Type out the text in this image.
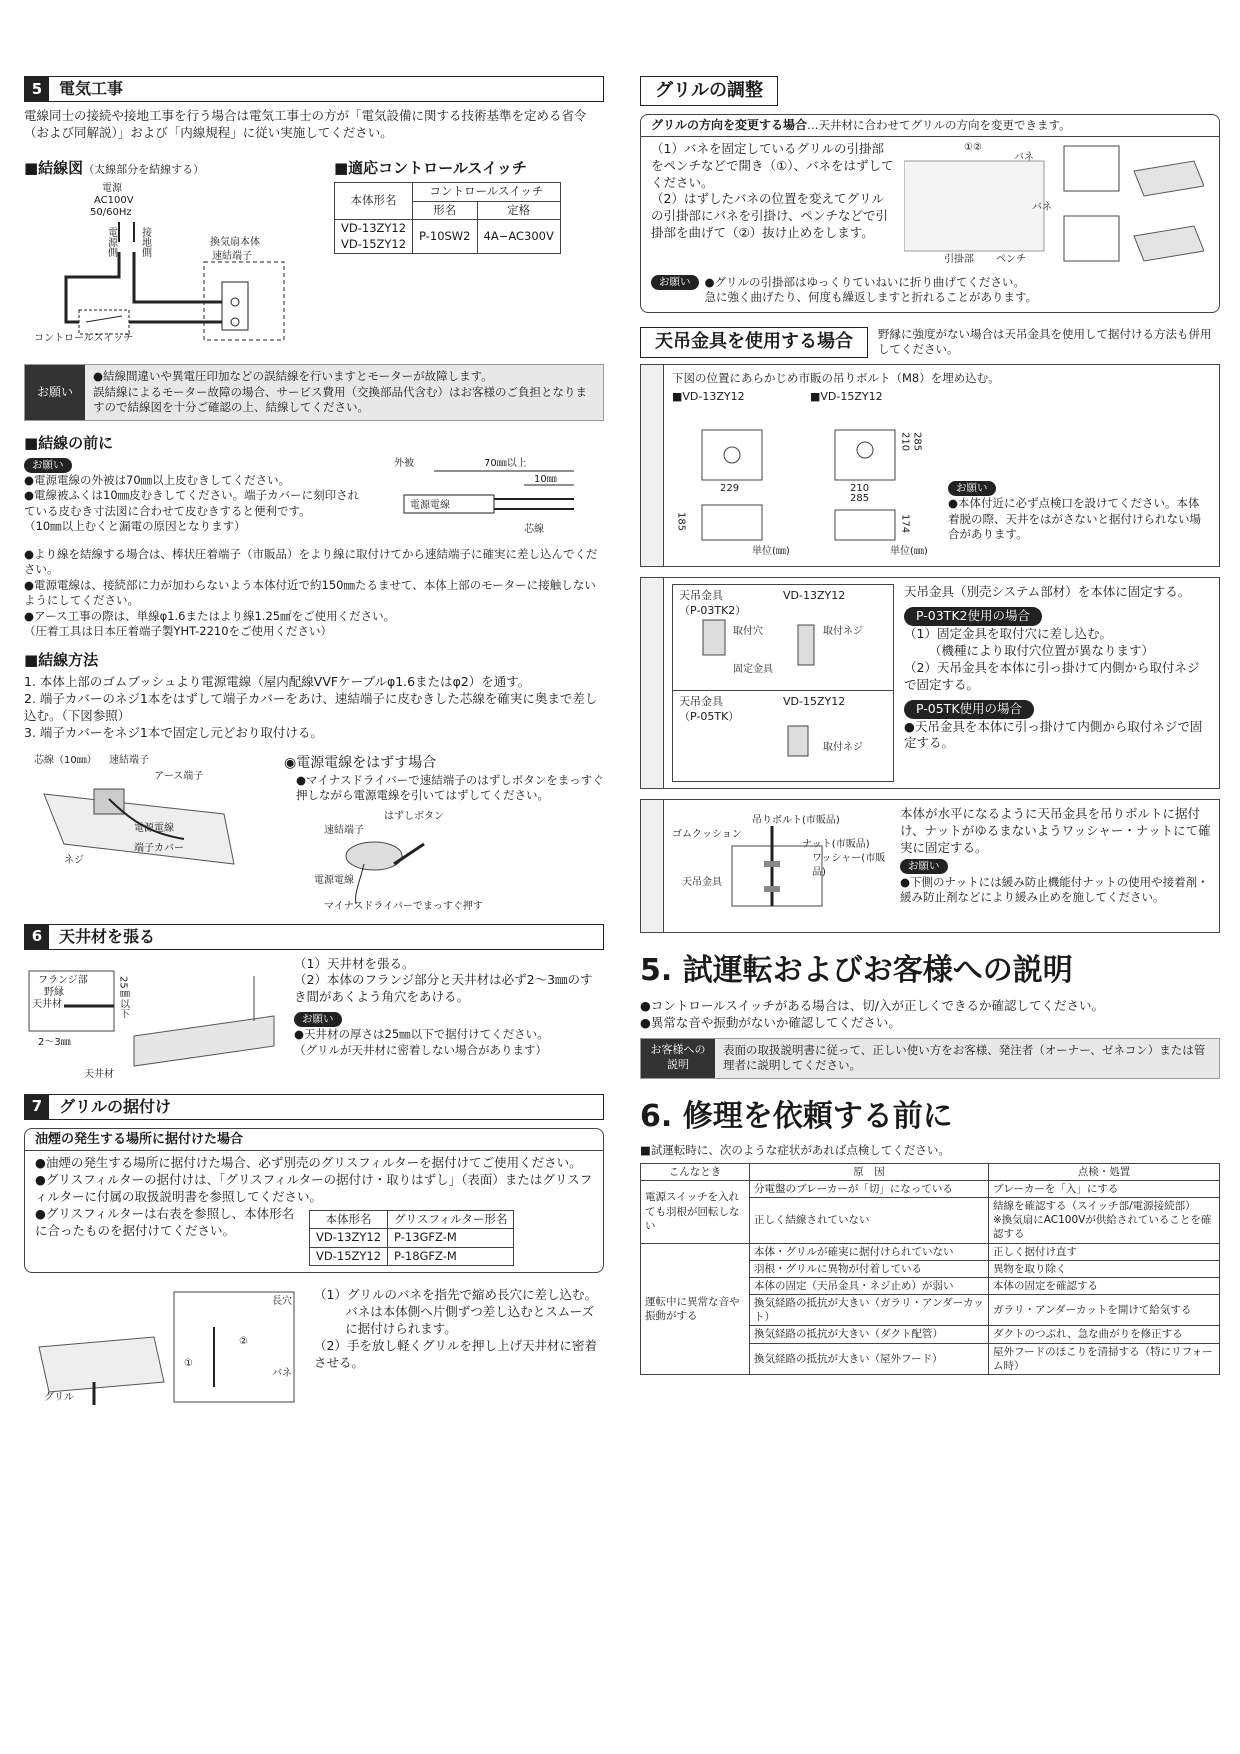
5	電気工事

電線同士の接続や接地工事を行う場合は電気工事士の方が「電気設備に関する技術基準を定める省令（および同解説）」および「内線規程」に従い実施してください。

■結線図（太線部分を結線する）
電源
AC100V
50/60Hz
電源側 接地側	換気扇本体
速結端子
コントロールスイッチ
■適応コントロールスイッチ
本体形名	コントロールスイッチ	
	形名	定格
VD-13ZY12
VD-15ZY12	P-10SW2	4A−AC300V
お願い

●結線間違いや異電圧印加などの誤結線を行いますとモーターが故障します。

誤結線によるモーター故障の場合、サービス費用（交換部品代含む）はお客様のご負担となりますので結線図を十分ご確認の上、結線してください。

■結線の前に
お願い

●電源電線の外被は70㎜以上皮むきしてください。

●電線被ふくは10㎜皮むきしてください。端子カバーに刻印されている皮むき寸法図に合わせて皮むきすると便利です。

（10㎜以上むくと漏電の原因となります）

外被	70㎜以上
10㎜
電源電線
芯線

●より線を結線する場合は、棒状圧着端子（市販品）をより線に取付けてから速結端子に確実に差し込んでください。

●電源電線は、接続部に力が加わらないよう本体付近で約150㎜たるませて、本体上部のモーターに接触しないようにしてください。

●アース工事の際は、単線φ1.6またはより線1.25㎟をご使用ください。

（圧着工具は日本圧着端子製YHT-2210をご使用ください）

■結線方法

1. 本体上部のゴムブッシュより電源電線（屋内配線VVFケーブルφ1.6またはφ2）を通す。

2. 端子カバーのネジ1本をはずして端子カバーをあけ、速結端子に皮むきした芯線を確実に奥まで差し込む。（下図参照）

3. 端子カバーをネジ1本で固定し元どおり取付ける。

芯線（10㎜） 速結端子
アース端子
電源電線
ネジ
端子カバー
◉電源電線をはずす場合

●マイナスドライバーで速結端子のはずしボタンをまっすぐ押しながら電源電線を引いてはずしてください。

はずしボタン
速結端子
電源電線
マイナスドライバーでまっすぐ押す
6	天井材を張る
フランジ部
野縁
天井材
2〜3㎜
25㎜以下
天井材

（1）天井材を張る。

（2）本体のフランジ部分と天井材は必ず2〜3㎜のすき間があくよう角穴をあける。

お願い

●天井材の厚さは25㎜以下で据付けてください。

（グリルが天井材に密着しない場合があります）

7	グリルの据付け
油煙の発生する場所に据付けた場合

●油煙の発生する場所に据付けた場合、必ず別売のグリスフィルターを据付けてご使用ください。

●グリスフィルターの据付けは、「グリスフィルターの据付け・取りはずし」（表面）またはグリスフィルターに付属の取扱説明書を参照してください。

●グリスフィルターは右表を参照し、本体形名に合ったものを据付けてください。

本体形名	グリスフィルター形名
VD-13ZY12	P-13GFZ-M
VD-15ZY12	P-18GFZ-M
長穴
バネ
グリル
①
②

（1）グリルのバネを指先で縮め長穴に差し込む。

バネは本体側へ片側ずつ差し込むとスムーズに据付けられます。

（2）手を放し軽くグリルを押し上げ天井材に密着させる。

グリルの調整
グリルの方向を変更する場合…天井材に合わせてグリルの方向を変更できます。

（1）バネを固定しているグリルの引掛部をペンチなどで開き（①）、バネをはずしてください。

（2）はずしたバネの位置を変えてグリルの引掛部にバネを引掛け、ペンチなどで引掛部を曲げて（②）抜け止めをします。

①②
バネ
バネ
引掛部 ペンチ
お願い	●グリルの引掛部はゆっくりていねいに折り曲げてください。

急に強く曲げたり、何度も繰返しますと折れることがあります。

天吊金具を使用する場合	野縁に強度がない場合は天吊金具を使用して据付ける方法も併用してください。

下図の位置にあらかじめ市販の吊りボルト（M8）を埋め込む。

■VD-13ZY12
229
185
単位(㎜)
■VD-15ZY12
210 285
210
285
174
単位(㎜)
お願い

●本体付近に必ず点検口を設けてください。本体着脱の際、天井をはがさないと据付けられない場合があります。

天吊金具
（P-03TK2）
VD-13ZY12
取付穴
固定金具
取付ネジ
天吊金具
（P-05TK）
VD-15ZY12
取付ネジ

天吊金具（別売システム部材）を本体に固定する。

P-03TK2使用の場合

（1）固定金具を取付穴に差し込む。

（機種により取付穴位置が異なります）

（2）天吊金具を本体に引っ掛けて内側から取付ネジで固定する。

P-05TK使用の場合

●天吊金具を本体に引っ掛けて内側から取付ネジで固定する。

ゴムクッション
吊りボルト(市販品)
ナット(市販品)
ワッシャー(市販品)
天吊金具

本体が水平になるように天吊金具を吊りボルトに据付け、ナットがゆるまないようワッシャー・ナットにて確実に固定する。

お願い

●下側のナットには緩み防止機能付ナットの使用や接着剤・緩み防止剤などにより緩み止めを施してください。

5. 試運転およびお客様への説明

●コントロールスイッチがある場合は、切/入が正しくできるか確認してください。

●異常な音や振動がないか確認してください。

お客様への
説明
表面の取扱説明書に従って、正しい使い方をお客様、発注者（オーナー、ゼネコン）または管理者に説明してください。
6. 修理を依頼する前に

■試運転時に、次のような症状があれば点検してください。

こんなとき	原　因	点検・処置
電源スイッチを入れても羽根が回転しない	分電盤のブレーカーが「切」になっている	ブレーカーを「入」にする
	正しく結線されていない	結線を確認する（スイッチ部/電源接続部）
※換気扇にAC100Vが供給されていることを確認する
運転中に異常な音や振動がする	本体・グリルが確実に据付けられていない	正しく据付け直す
	羽根・グリルに異物が付着している	異物を取り除く
	本体の固定（天吊金具・ネジ止め）が弱い	本体の固定を確認する
	換気経路の抵抗が大きい（ガラリ・アンダーカット）	ガラリ・アンダーカットを開けて給気する
	換気経路の抵抗が大きい（ダクト配管）	ダクトのつぶれ、急な曲がりを修正する
	換気経路の抵抗が大きい（屋外フード）	屋外フードのほこりを清掃する（特にリフォーム時）
